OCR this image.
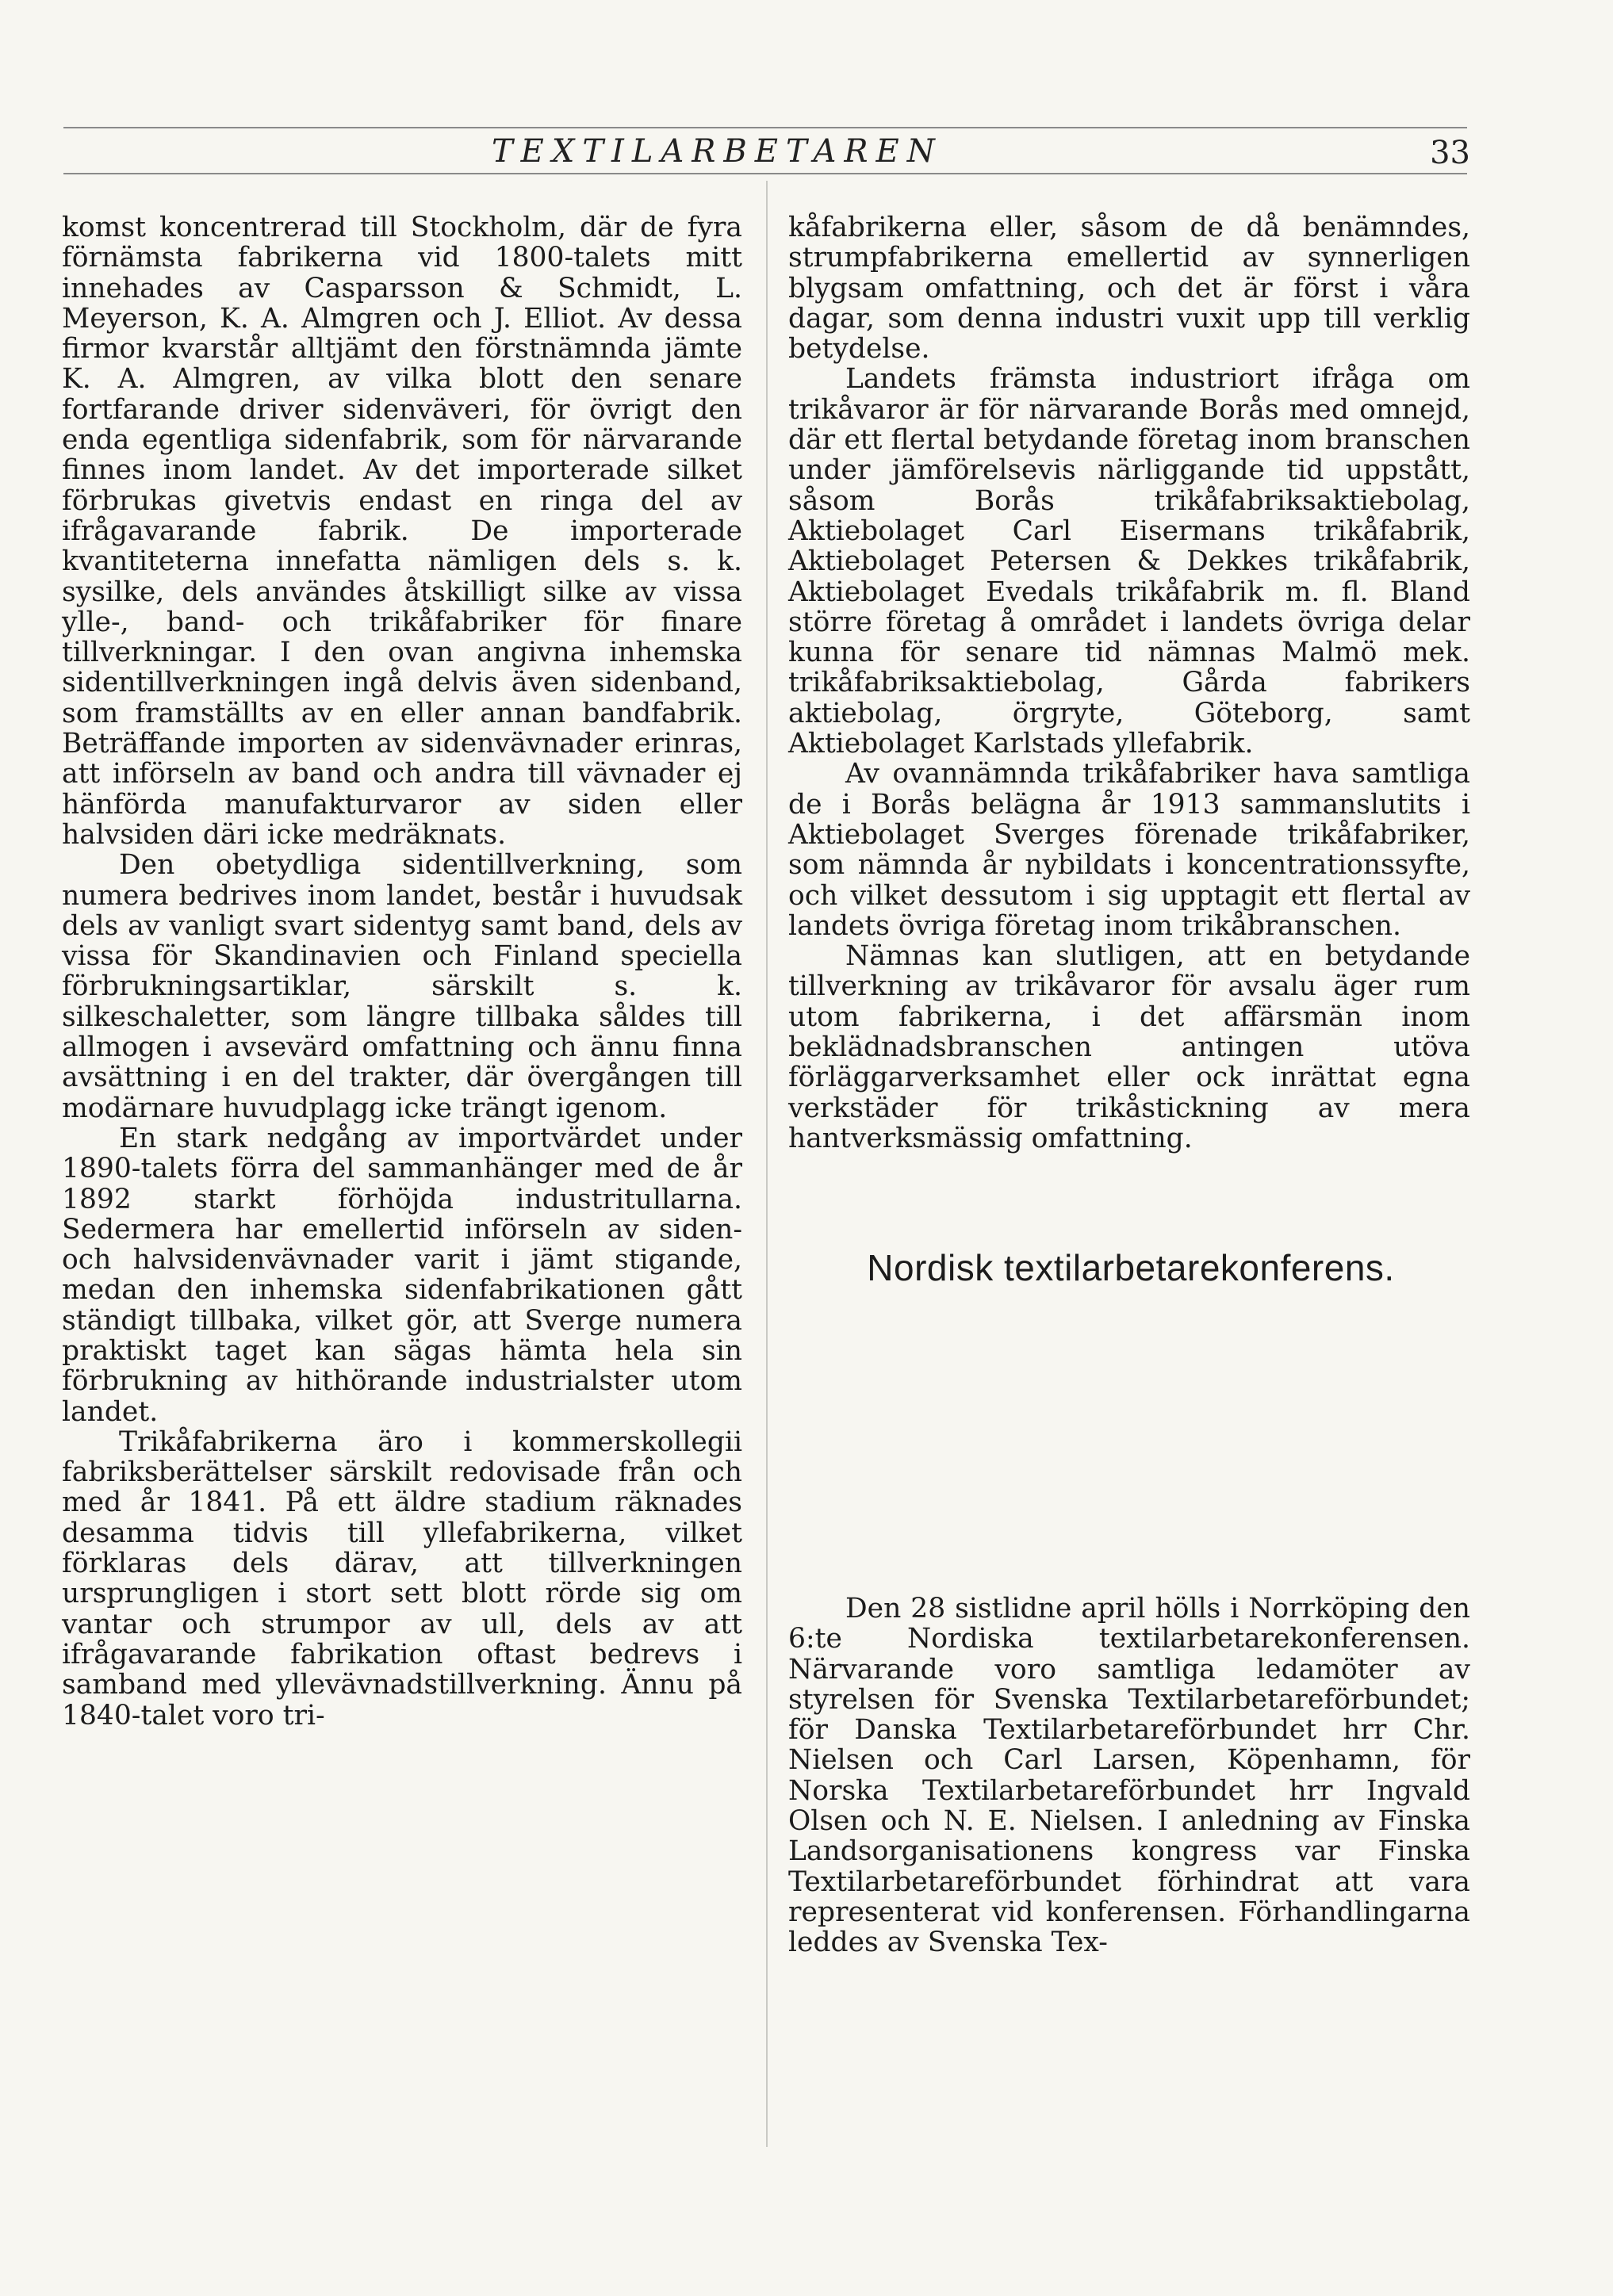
TEXTILARBETAREN	33

komst koncentrerad till Stockholm, där de fyra förnämsta fabrikerna vid 1800-talets mitt innehades av Casparsson & Schmidt, L. Meyerson, K. A. Almgren och J. Elliot. Av dessa firmor kvarstår alltjämt den förstnämnda jämte K. A. Almgren, av vilka blott den senare fortfarande driver sidenväveri, för övrigt den enda egentliga sidenfabrik, som för närvarande finnes inom landet. Av det importerade silket förbrukas givetvis endast en ringa del av ifrågavarande fabrik. De importerade kvantiteterna innefatta nämligen dels s. k. sysilke, dels användes åtskilligt silke av vissa ylle-, band- och trikåfabriker för finare tillverkningar. I den ovan angivna inhemska sidentillverkningen ingå delvis även sidenband, som framställts av en eller annan bandfabrik. Beträffande importen av sidenvävnader erinras, att införseln av band och andra till vävnader ej hänförda manufakturvaror av siden eller halvsiden däri icke medräknats.

Den obetydliga sidentillverkning, som numera bedrives inom landet, består i huvudsak dels av vanligt svart sidentyg samt band, dels av vissa för Skandinavien och Finland speciella förbrukningsartiklar, särskilt s. k. silkeschaletter, som längre tillbaka såldes till allmogen i avsevärd omfattning och ännu finna avsättning i en del trakter, där övergången till modärnare huvudplagg icke trängt igenom.

En stark nedgång av importvärdet under 1890-talets förra del sammanhänger med de år 1892 starkt förhöjda industritullarna. Sedermera har emellertid införseln av siden- och halvsidenvävnader varit i jämt stigande, medan den inhemska sidenfabrikationen gått ständigt tillbaka, vilket gör, att Sverge numera praktiskt taget kan sägas hämta hela sin förbrukning av hithörande industrialster utom landet.

Trikåfabrikerna äro i kommerskollegii fabriksberättelser särskilt redovisade från och med år 1841. På ett äldre stadium räknades desamma tidvis till yllefabrikerna, vilket förklaras dels därav, att tillverkningen ursprungligen i stort sett blott rörde sig om vantar och strumpor av ull, dels av att ifrågavarande fabrikation oftast bedrevs i samband med yllevävnadstillverkning. Ännu på 1840-talet voro tri-

kåfabrikerna eller, såsom de då benämndes, strumpfabrikerna emellertid av synnerligen blygsam omfattning, och det är först i våra dagar, som denna industri vuxit upp till verklig betydelse.

Landets främsta industriort ifråga om trikåvaror är för närvarande Borås med omnejd, där ett flertal betydande företag inom branschen under jämförelsevis närliggande tid uppstått, såsom Borås trikåfabriksaktiebolag, Aktiebolaget Carl Eisermans trikåfabrik, Aktiebolaget Petersen & Dekkes trikåfabrik, Aktiebolaget Evedals trikåfabrik m. fl. Bland större företag å området i landets övriga delar kunna för senare tid nämnas Malmö mek. trikåfabriksaktiebolag, Gårda fabrikers aktiebolag, örgryte, Göteborg, samt Aktiebolaget Karlstads yllefabrik.

Av ovannämnda trikåfabriker hava samtliga de i Borås belägna år 1913 sammanslutits i Aktiebolaget Sverges förenade trikåfabriker, som nämnda år nybildats i koncentrationssyfte, och vilket dessutom i sig upptagit ett flertal av landets övriga företag inom trikåbranschen.

Nämnas kan slutligen, att en betydande tillverkning av trikåvaror för avsalu äger rum utom fabrikerna, i det affärsmän inom beklädnadsbranschen antingen utöva förläggarverksamhet eller ock inrättat egna verkstäder för trikåstickning av mera hantverksmässig omfattning.

Nordisk textilarbetarekonferens.

Den 28 sistlidne april hölls i Norrköping den 6:te Nordiska textilarbetarekonferensen. Närvarande voro samtliga ledamöter av styrelsen för Svenska Textilarbetareförbundet; för Danska Textilarbetareförbundet hrr Chr. Nielsen och Carl Larsen, Köpenhamn, för Norska Textilarbetareförbundet hrr Ingvald Olsen och N. E. Nielsen. I anledning av Finska Landsorganisationens kongress var Finska Textilarbetareförbundet förhindrat att vara representerat vid konferensen. Förhandlingarna leddes av Svenska Tex-
